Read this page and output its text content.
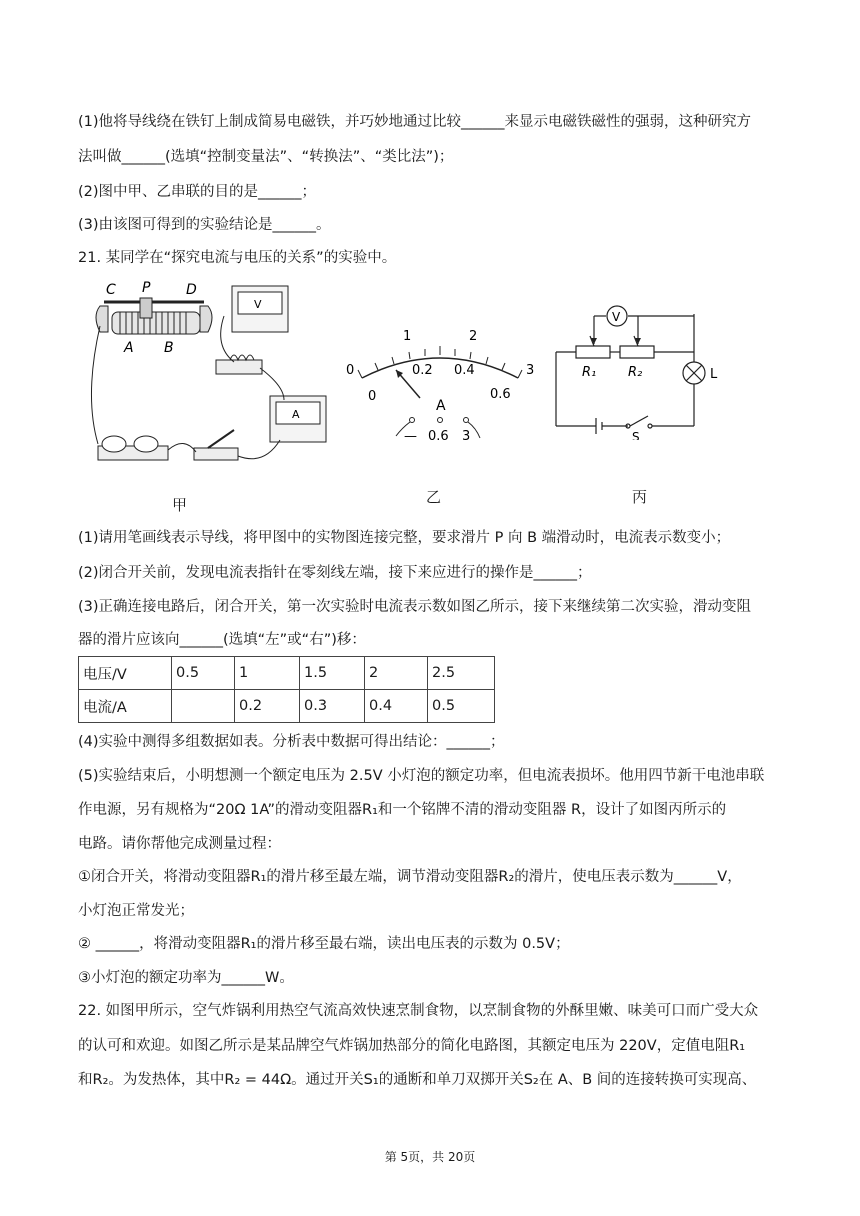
(1)他将导线绕在铁钉上制成简易电磁铁，并巧妙地通过比较______来显示电磁铁磁性的强弱，这种研究方
法叫做______(选填“控制变量法”、“转换法”、“类比法”)；
(2)图中甲、乙串联的目的是______；
(3)由该图可得到的实验结论是______。
21. 某同学在“探究电流与电压的关系”的实验中。
C P	D
A B
V
A
甲
0
1	2
3
0
0.2 0.4
0.6
A
— 0.6 3
乙
V
R₁ R₂	L
S
丙
(1)请用笔画线表示导线，将甲图中的实物图连接完整，要求滑片 P 向 B 端滑动时，电流表示数变小；
(2)闭合开关前，发现电流表指针在零刻线左端，接下来应进行的操作是______；
(3)正确连接电路后，闭合开关，第一次实验时电流表示数如图乙所示，接下来继续第二次实验，滑动变阻
器的滑片应该向______(选填“左”或“右”)移：
电压/V	0.5	1	1.5	2	2.5
电流/A		0.2	0.3	0.4	0.5
(4)实验中测得多组数据如表。分析表中数据可得出结论：______；
(5)实验结束后，小明想测一个额定电压为 2.5V 小灯泡的额定功率，但电流表损坏。他用四节新干电池串联
作电源，另有规格为“20Ω 1A”的滑动变阻器R₁和一个铭牌不清的滑动变阻器 R，设计了如图丙所示的
电路。请你帮他完成测量过程：
①闭合开关，将滑动变阻器R₁的滑片移至最左端，调节滑动变阻器R₂的滑片，使电压表示数为______V，
小灯泡正常发光；
② ______，将滑动变阻器R₁的滑片移至最右端，读出电压表的示数为 0.5V；
③小灯泡的额定功率为______W。
22. 如图甲所示，空气炸锅利用热空气流高效快速烹制食物，以烹制食物的外酥里嫩、味美可口而广受大众
的认可和欢迎。如图乙所示是某品牌空气炸锅加热部分的简化电路图，其额定电压为 220V，定值电阻R₁
和R₂。为发热体，其中R₂ = 44Ω。通过开关S₁的通断和单刀双掷开关S₂在 A、B 间的连接转换可实现高、
第 5页，共 20页
